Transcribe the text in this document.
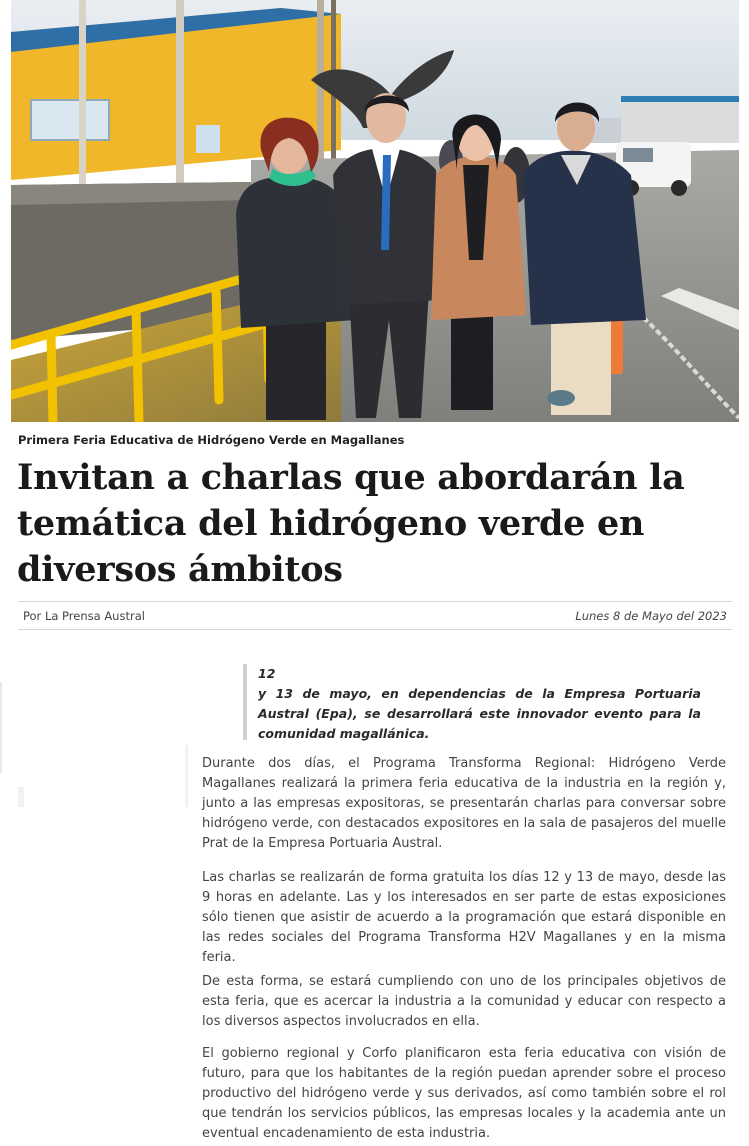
Primera Feria Educativa de Hidrógeno Verde en Magallanes
Invitan a charlas que abordarán la temática del hidrógeno verde en diversos ámbitos
Por La Prensa Austral	Lunes 8 de Mayo del 2023
12
y 13 de mayo, en dependencias de la Empresa Portuaria Austral (Epa), se desarrollará este innovador evento para la comunidad magallánica.

Durante dos días, el Programa Transforma Regional: Hidrógeno Verde Magallanes realizará la primera feria educativa de la industria en la región y, junto a las empresas expositoras, se presentarán charlas para conversar sobre hidrógeno verde, con destacados expositores en la sala de pasajeros del muelle Prat de la Empresa Portuaria Austral.

Las charlas se realizarán de forma gratuita los días 12 y 13 de mayo, desde las 9 horas en adelante. Las y los interesados en ser parte de estas exposiciones sólo tienen que asistir de acuerdo a la programación que estará disponible en las redes sociales del Programa Transforma H2V Magallanes y en la misma feria.

De esta forma, se estará cumpliendo con uno de los principales objetivos de esta feria, que es acercar la industria a la comunidad y educar con respecto a los diversos aspectos involucrados en ella.

El gobierno regional y Corfo planificaron esta feria educativa con visión de futuro, para que los habitantes de la región puedan aprender sobre el proceso productivo del hidrógeno verde y sus derivados, así como también sobre el rol que tendrán los servicios públicos, las empresas locales y la academia ante un eventual encadenamiento de esta industria.
